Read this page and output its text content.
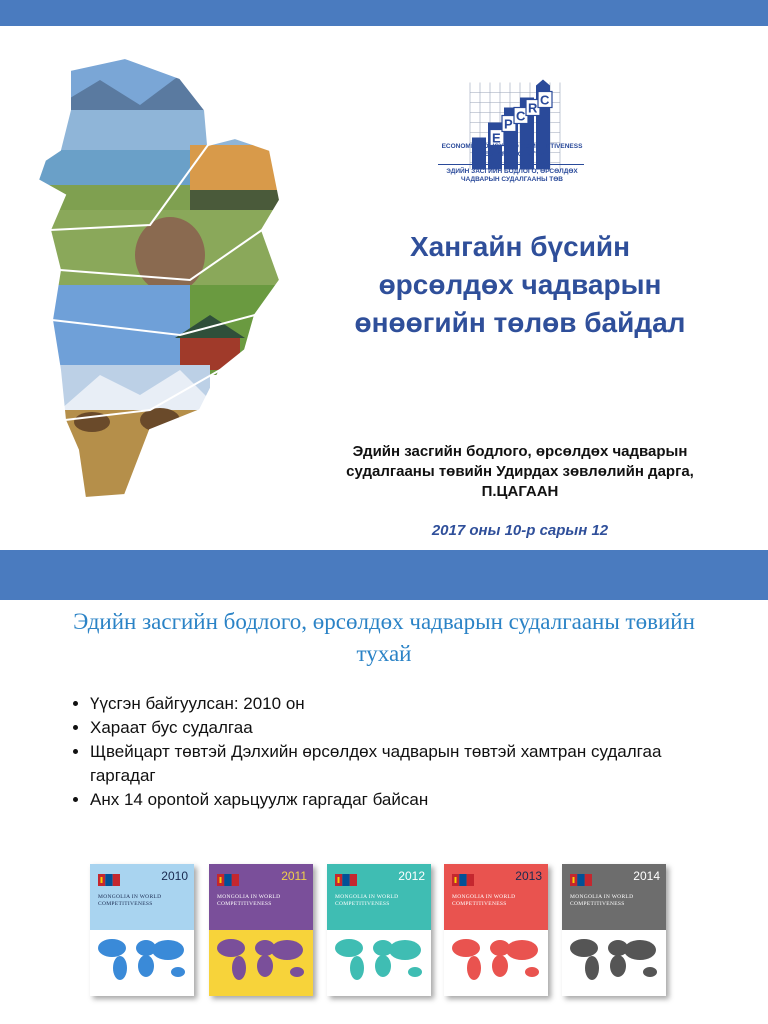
E
P
C
R
C
ECONOMIC POLICY AND COMPETITIVENESS RESEARCH CENTER
ЭДИЙН ЗАСГИЙН БОДЛОГО, ӨРСӨЛДӨХ ЧАДВАРЫН СУДАЛГААНЫ ТӨВ
Хангайн бүсийн
өрсөлдөх чадварын
өнөөгийн төлөв байдал
Эдийн засгийн бодлого, өрсөлдөх чадварын
судалгааны төвийн Удирдах зөвлөлийн дарга,
П.ЦАГААН
2017 оны 10-р сарын 12
Эдийн засгийн бодлого, өрсөлдөх чадварын судалгааны төвийн
тухай
• Үүсгэн байгуулсан: 2010 он
• Хараат бус судалгаа
• Щвейцарт төвтэй Дэлхийн өрсөлдөх чадварын төвтэй хамтран судалгаа гаргадаг
• Анх 14 орontой харьцуулж гаргадаг байсан
2010
MONGOLIA IN WORLD COMPETITIVENESS
2011
MONGOLIA IN WORLD COMPETITIVENESS
2012
MONGOLIA IN WORLD COMPETITIVENESS
2013
MONGOLIA IN WORLD COMPETITIVENESS
2014
MONGOLIA IN WORLD COMPETITIVENESS
